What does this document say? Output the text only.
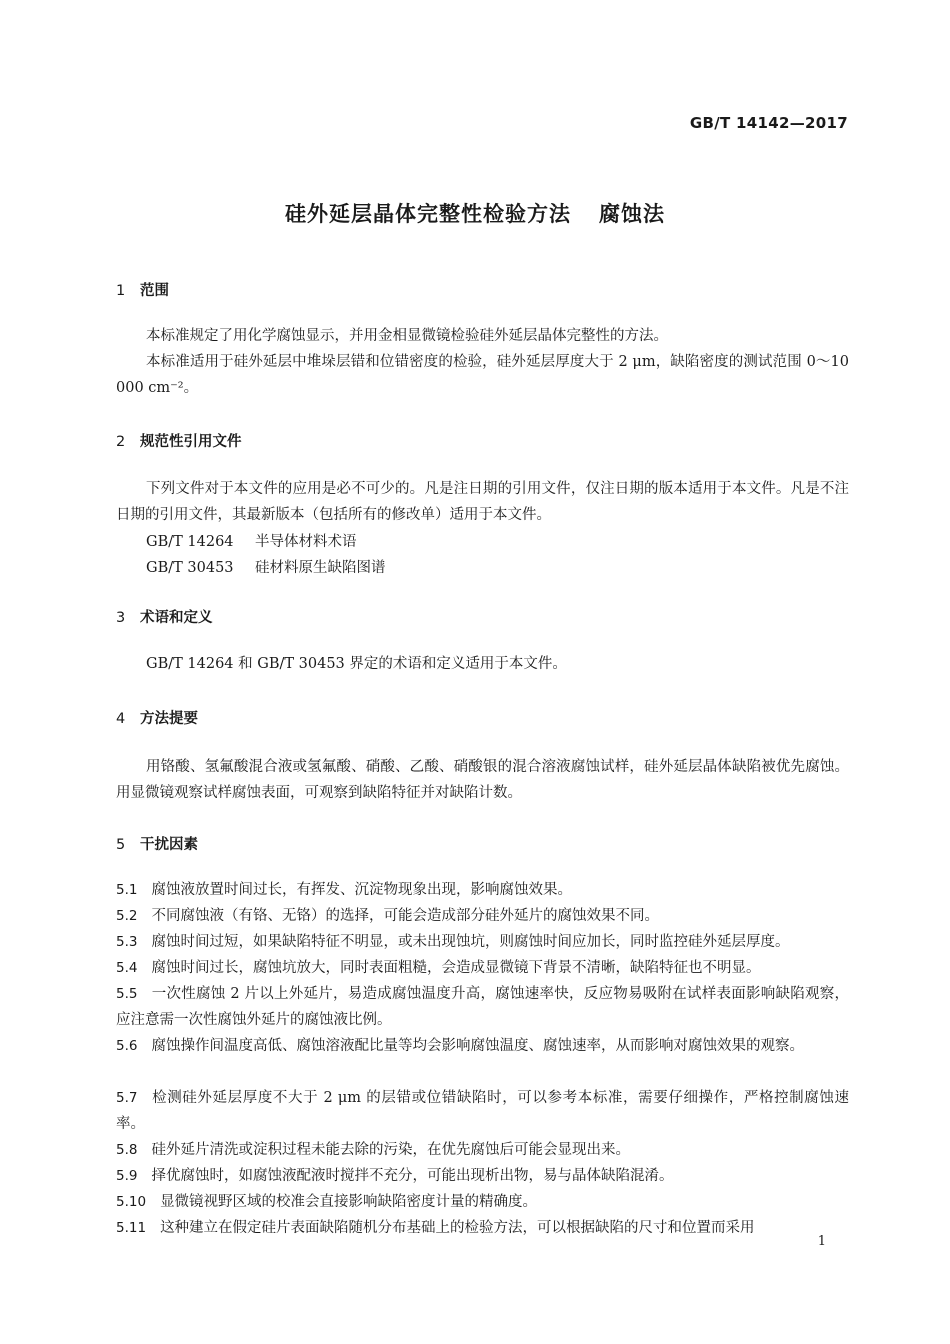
GB/T 14142—2017
硅外延层晶体完整性检验方法 腐蚀法
1 范围
本标准规定了用化学腐蚀显示，并用金相显微镜检验硅外延层晶体完整性的方法。
本标准适用于硅外延层中堆垛层错和位错密度的检验，硅外延层厚度大于 2 μm，缺陷密度的测试范围 0～10 000 cm⁻²。
2 规范性引用文件
下列文件对于本文件的应用是必不可少的。凡是注日期的引用文件，仅注日期的版本适用于本文件。凡是不注日期的引用文件，其最新版本（包括所有的修改单）适用于本文件。
GB/T 14264 半导体材料术语
GB/T 30453 硅材料原生缺陷图谱
3 术语和定义
GB/T 14264 和 GB/T 30453 界定的术语和定义适用于本文件。
4 方法提要
用铬酸、氢氟酸混合液或氢氟酸、硝酸、乙酸、硝酸银的混合溶液腐蚀试样，硅外延层晶体缺陷被优先腐蚀。用显微镜观察试样腐蚀表面，可观察到缺陷特征并对缺陷计数。
5 干扰因素
5.1 腐蚀液放置时间过长，有挥发、沉淀物现象出现，影响腐蚀效果。
5.2 不同腐蚀液（有铬、无铬）的选择，可能会造成部分硅外延片的腐蚀效果不同。
5.3 腐蚀时间过短，如果缺陷特征不明显，或未出现蚀坑，则腐蚀时间应加长，同时监控硅外延层厚度。
5.4 腐蚀时间过长，腐蚀坑放大，同时表面粗糙，会造成显微镜下背景不清晰，缺陷特征也不明显。
5.5 一次性腐蚀 2 片以上外延片，易造成腐蚀温度升高，腐蚀速率快，反应物易吸附在试样表面影响缺陷观察，应注意需一次性腐蚀外延片的腐蚀液比例。
5.6 腐蚀操作间温度高低、腐蚀溶液配比量等均会影响腐蚀温度、腐蚀速率，从而影响对腐蚀效果的观察。
5.7 检测硅外延层厚度不大于 2 μm 的层错或位错缺陷时，可以参考本标准，需要仔细操作，严格控制腐蚀速率。
5.8 硅外延片清洗或淀积过程未能去除的污染，在优先腐蚀后可能会显现出来。
5.9 择优腐蚀时，如腐蚀液配液时搅拌不充分，可能出现析出物，易与晶体缺陷混淆。
5.10 显微镜视野区域的校准会直接影响缺陷密度计量的精确度。
5.11 这种建立在假定硅片表面缺陷随机分布基础上的检验方法，可以根据缺陷的尺寸和位置而采用
1
